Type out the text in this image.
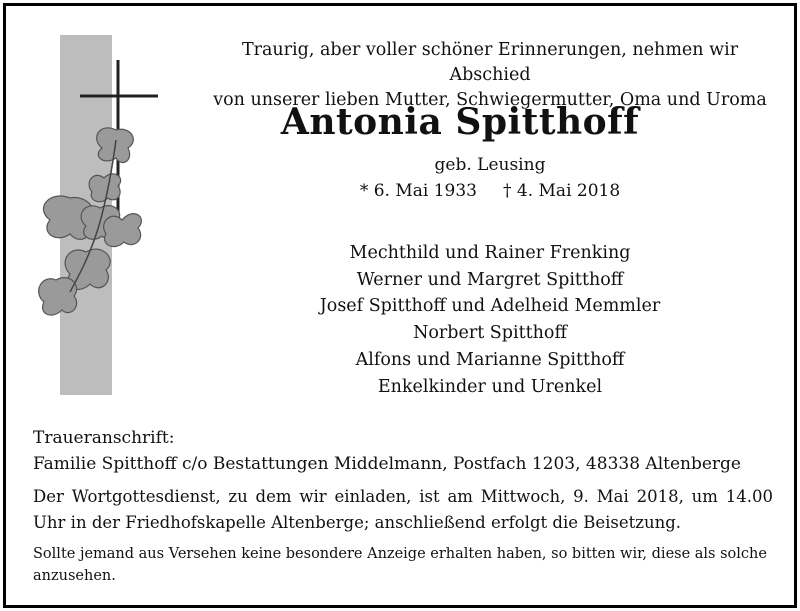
Traurig, aber voller schöner Erinnerungen, nehmen wir Abschied
von unserer lieben Mutter, Schwiegermutter, Oma und Uroma
Antonia Spitthoff
geb. Leusing
* 6. Mai 1933 † 4. Mai 2018
Mechthild und Rainer Frenking
Werner und Margret Spitthoff
Josef Spitthoff und Adelheid Memmler
Norbert Spitthoff
Alfons und Marianne Spitthoff
Enkelkinder und Urenkel
Traueranschrift:
Familie Spitthoff c/o Bestattungen Middelmann, Postfach 1203, 48338 Altenberge
Der Wortgottesdienst, zu dem wir einladen, ist am Mittwoch, 9. Mai 2018, um 14.00 Uhr in der Friedhofskapelle Altenberge; anschließend erfolgt die Beisetzung.
Sollte jemand aus Versehen keine besondere Anzeige erhalten haben, so bitten wir, diese als solche anzusehen.
